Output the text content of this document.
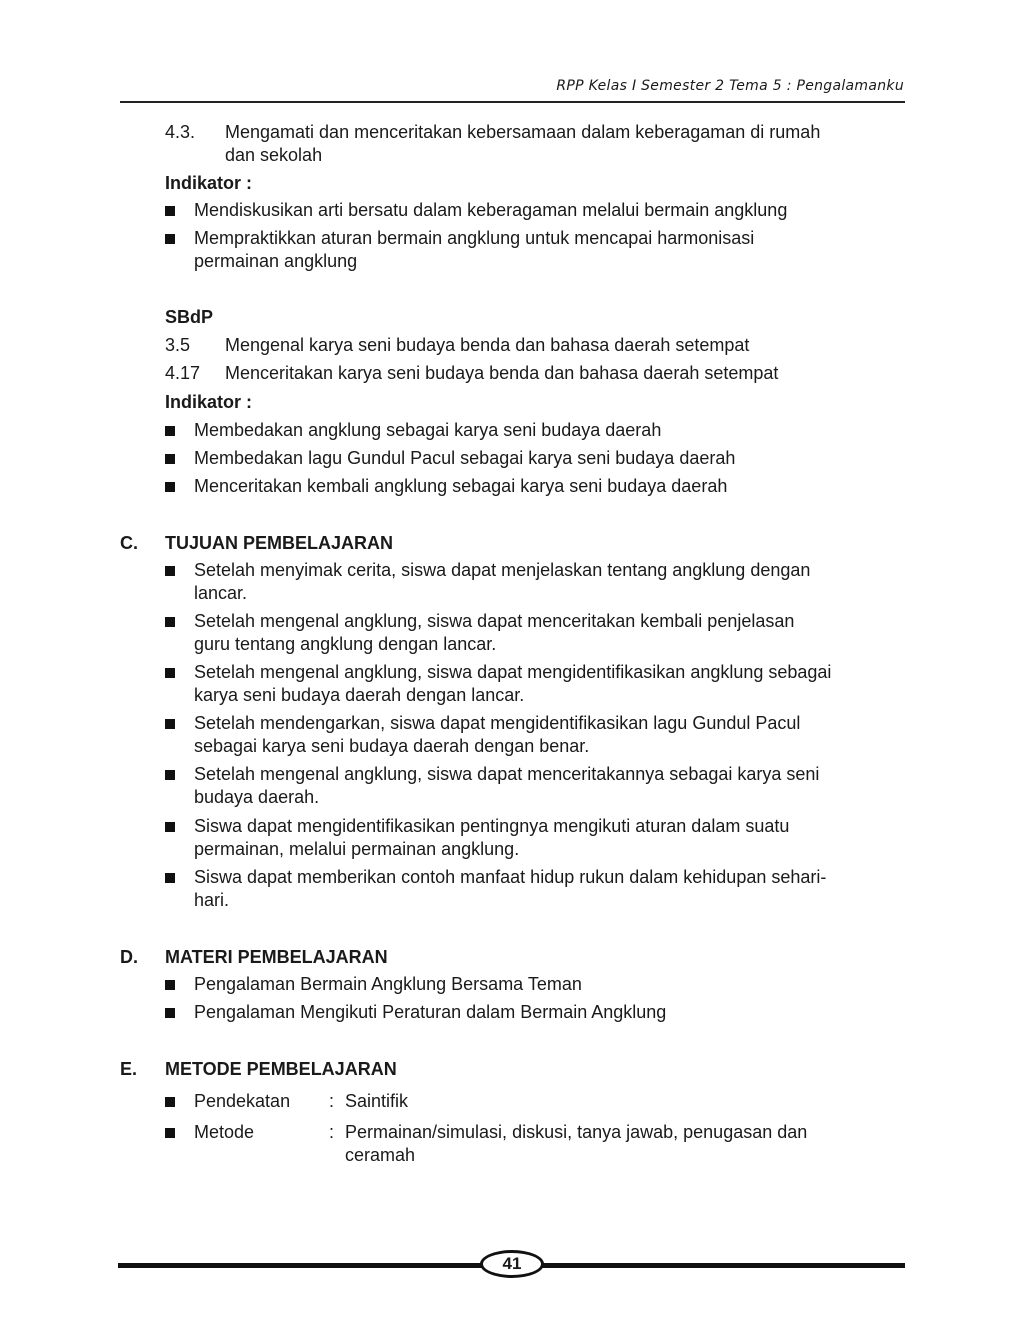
RPP Kelas I Semester 2 Tema 5 : Pengalamanku
4.3. Mengamati dan menceritakan kebersamaan dalam keberagaman di rumah
dan sekolah
Indikator :
Mendiskusikan arti bersatu dalam keberagaman melalui bermain angklung
Mempraktikkan aturan bermain angklung untuk mencapai harmonisasi
permainan angklung
SBdP
3.5 Mengenal karya seni budaya benda dan bahasa daerah setempat
4.17 Menceritakan karya seni budaya benda dan bahasa daerah setempat
Indikator :
Membedakan angklung sebagai karya seni budaya daerah
Membedakan lagu Gundul Pacul sebagai karya seni budaya daerah
Menceritakan kembali angklung sebagai karya seni budaya daerah
C. TUJUAN PEMBELAJARAN
Setelah menyimak cerita, siswa dapat menjelaskan tentang angklung dengan
lancar.
Setelah mengenal angklung, siswa dapat menceritakan kembali penjelasan
guru tentang angklung dengan lancar.
Setelah mengenal angklung, siswa dapat mengidentifikasikan angklung sebagai
karya seni budaya daerah dengan lancar.
Setelah mendengarkan, siswa dapat mengidentifikasikan lagu Gundul Pacul
sebagai karya seni budaya daerah dengan benar.
Setelah mengenal angklung, siswa dapat menceritakannya sebagai karya seni
budaya daerah.
Siswa dapat mengidentifikasikan pentingnya mengikuti aturan dalam suatu
permainan, melalui permainan angklung.
Siswa dapat memberikan contoh manfaat hidup rukun dalam kehidupan sehari-
hari.
D. MATERI PEMBELAJARAN
Pengalaman Bermain Angklung Bersama Teman
Pengalaman Mengikuti Peraturan dalam Bermain Angklung
E. METODE PEMBELAJARAN
Pendekatan : Saintifik
Metode	: Permainan/simulasi, diskusi, tanya jawab, penugasan dan
ceramah
41
